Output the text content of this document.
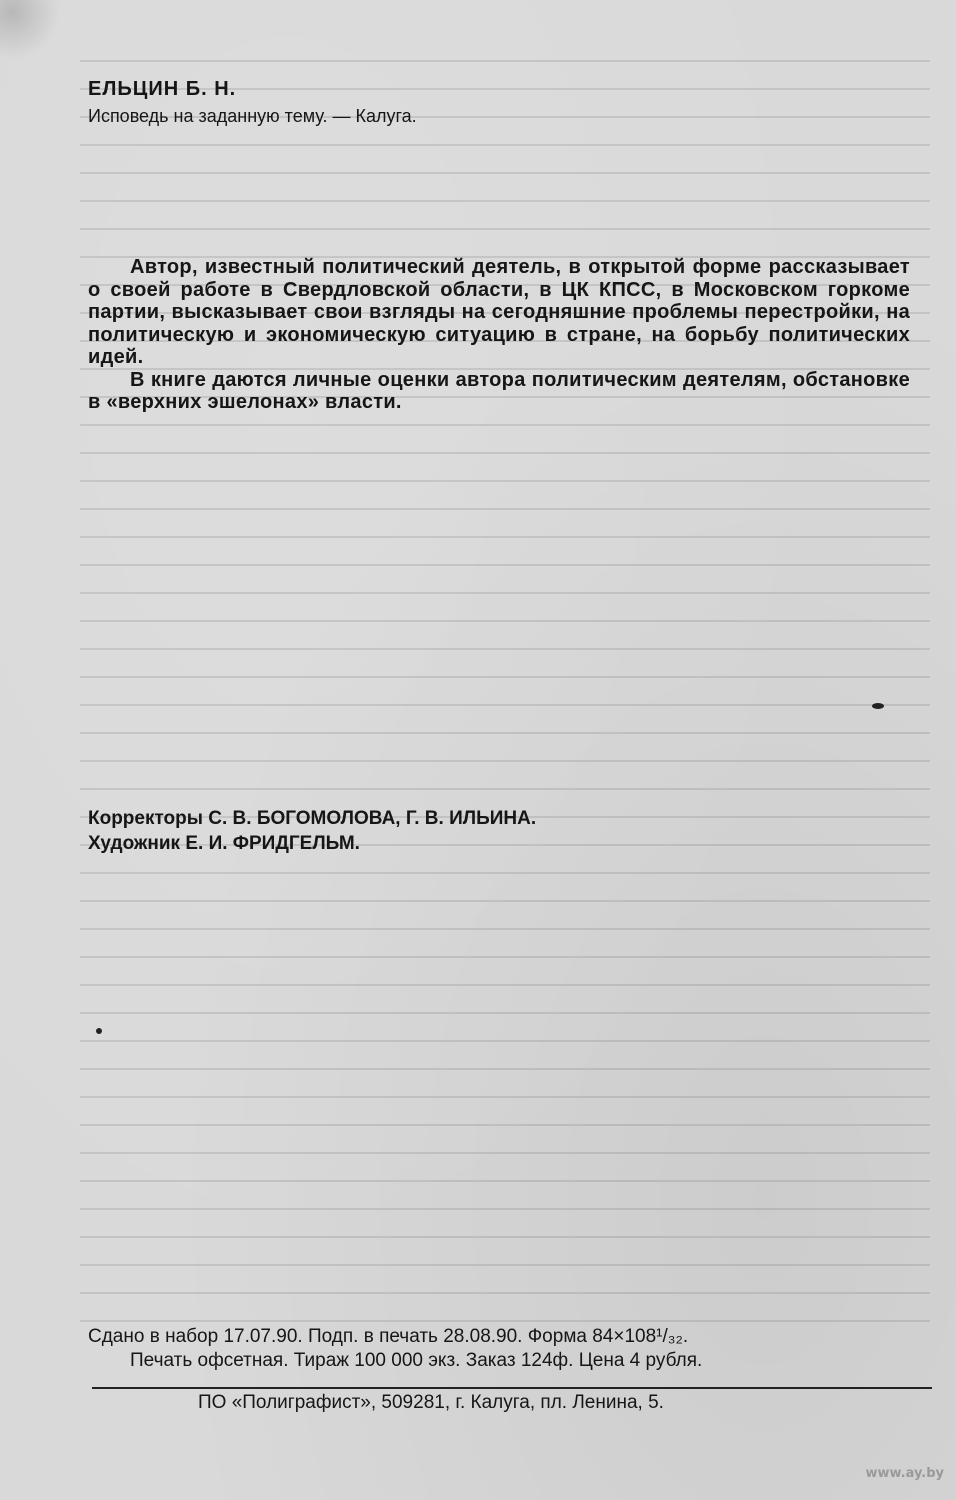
ЕЛЬЦИН Б. Н.
Исповедь на заданную тему. — Калуга.

Автор, известный политический деятель, в открытой форме рассказывает о своей работе в Свердловской области, в ЦК КПСС, в Московском горкоме партии, высказывает свои взгляды на сегодняшние проблемы перестройки, на политическую и экономическую ситуацию в стране, на борьбу политических идей.

В книге даются личные оценки автора политическим деятелям, обстановке в «верхних эшелонах» власти.

Корректоры С. В. БОГОМОЛОВА, Г. В. ИЛЬИНА.
Художник Е. И. ФРИДГЕЛЬМ.
Сдано в набор 17.07.90. Подп. в печать 28.08.90. Форма 84×108¹/₃₂.
Печать офсетная. Тираж 100 000 экз. Заказ 124ф. Цена 4 рубля.
ПО «Полиграфист», 509281, г. Калуга, пл. Ленина, 5.
www.ay.by
